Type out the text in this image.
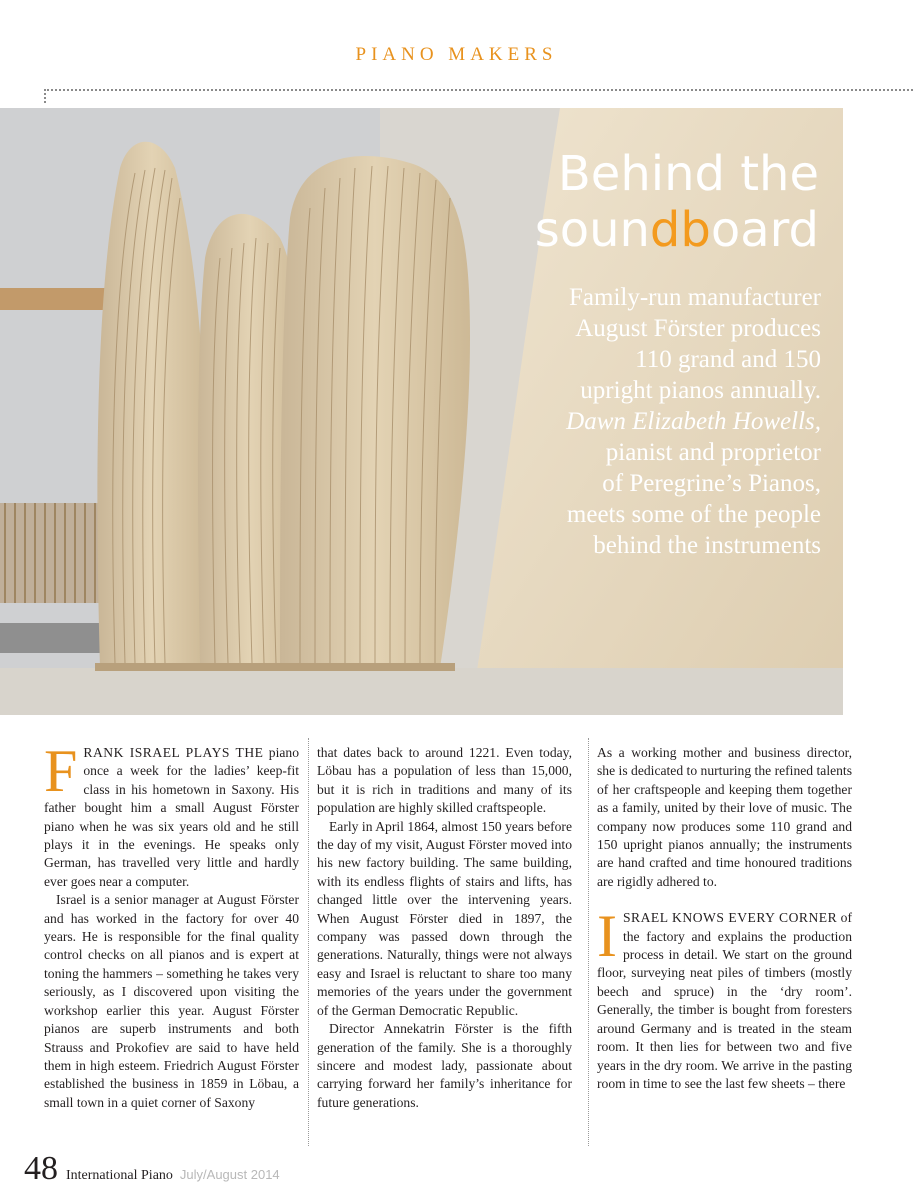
PIANO MAKERS
Behind the
soundboard
Family-run manufacturer
August Förster produces
110 grand and 150
upright pianos annually.
Dawn Elizabeth Howells,
pianist and proprietor
of Peregrine’s Pianos,
meets some of the people
behind the instruments

FRANK ISRAEL PLAYS THE piano once a week for the ladies’ keep-fit class in his hometown in Saxony. His father bought him a small August Förster piano when he was six years old and he still plays it in the evenings. He speaks only German, has travelled very little and hardly ever goes near a computer.

Israel is a senior manager at August Förster and has worked in the factory for over 40 years. He is responsible for the final quality control checks on all pianos and is expert at toning the hammers – something he takes very seriously, as I discovered upon visiting the workshop earlier this year. August Förster pianos are superb instruments and both Strauss and Prokofiev are said to have held them in high esteem. Friedrich August Förster established the business in 1859 in Löbau, a small town in a quiet corner of Saxony

that dates back to around 1221. Even today, Löbau has a population of less than 15,000, but it is rich in traditions and many of its population are highly skilled craftspeople.

Early in April 1864, almost 150 years before the day of my visit, August Förster moved into his new factory building. The same building, with its endless flights of stairs and lifts, has changed little over the intervening years. When August Förster died in 1897, the company was passed down through the generations. Naturally, things were not always easy and Israel is reluctant to share too many memories of the years under the government of the German Democratic Republic.

Director Annekatrin Förster is the fifth generation of the family. She is a thoroughly sincere and modest lady, passionate about carrying forward her family’s inheritance for future generations.

As a working mother and business director, she is dedicated to nurturing the refined talents of her craftspeople and keeping them together as a family, united by their love of music. The company now produces some 110 grand and 150 upright pianos annually; the instruments are hand crafted and time honoured traditions are rigidly adhered to.

ISRAEL KNOWS EVERY CORNER of the factory and explains the production process in detail. We start on the ground floor, surveying neat piles of timbers (mostly beech and spruce) in the ‘dry room’. Generally, the timber is bought from foresters around Germany and is treated in the steam room. It then lies for between two and five years in the dry room. We arrive in the pasting room in time to see the last few sheets – there

48 International Piano July/August 2014
